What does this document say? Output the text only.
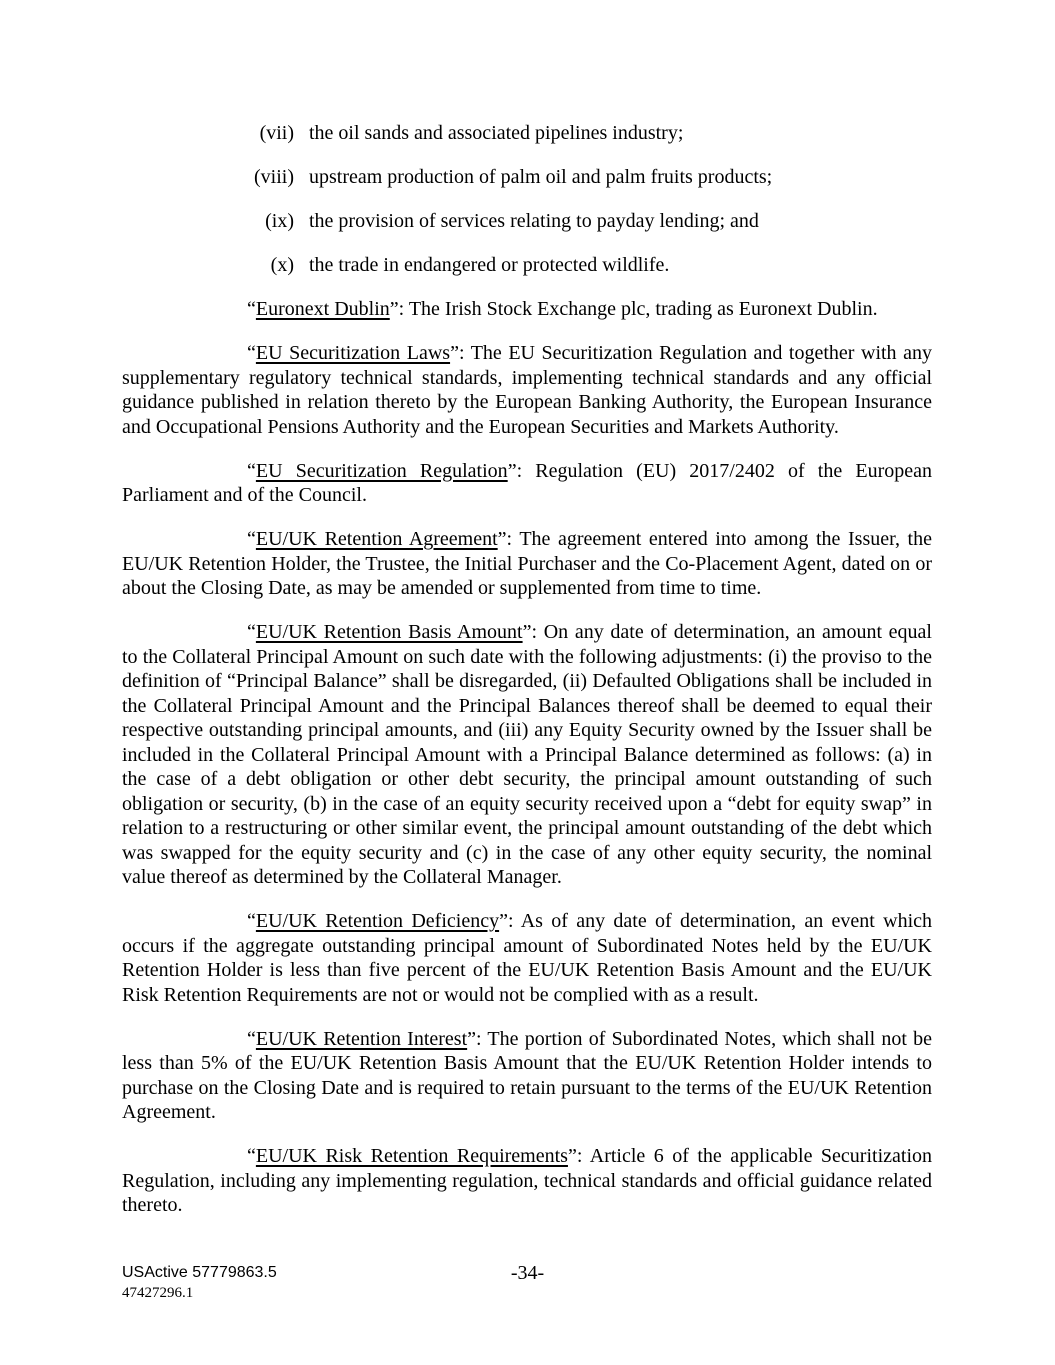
(vii) the oil sands and associated pipelines industry;
(viii) upstream production of palm oil and palm fruits products;
(ix) the provision of services relating to payday lending; and
(x) the trade in endangered or protected wildlife.

“Euronext Dublin”: The Irish Stock Exchange plc, trading as Euronext Dublin.

“EU Securitization Laws”: The EU Securitization Regulation and together with any supplementary regulatory technical standards, implementing technical standards and any official guidance published in relation thereto by the European Banking Authority, the European Insurance and Occupational Pensions Authority and the European Securities and Markets Authority.

“EU Securitization Regulation”: Regulation (EU) 2017/2402 of the European Parliament and of the Council.

“EU/UK Retention Agreement”: The agreement entered into among the Issuer, the EU/UK Retention Holder, the Trustee, the Initial Purchaser and the Co-Placement Agent, dated on or about the Closing Date, as may be amended or supplemented from time to time.

“EU/UK Retention Basis Amount”: On any date of determination, an amount equal to the Collateral Principal Amount on such date with the following adjustments: (i) the proviso to the definition of “Principal Balance” shall be disregarded, (ii) Defaulted Obligations shall be included in the Collateral Principal Amount and the Principal Balances thereof shall be deemed to equal their respective outstanding principal amounts, and (iii) any Equity Security owned by the Issuer shall be included in the Collateral Principal Amount with a Principal Balance determined as follows: (a) in the case of a debt obligation or other debt security, the principal amount outstanding of such obligation or security, (b) in the case of an equity security received upon a “debt for equity swap” in relation to a restructuring or other similar event, the principal amount outstanding of the debt which was swapped for the equity security and (c) in the case of any other equity security, the nominal value thereof as determined by the Collateral Manager.

“EU/UK Retention Deficiency”: As of any date of determination, an event which occurs if the aggregate outstanding principal amount of Subordinated Notes held by the EU/UK Retention Holder is less than five percent of the EU/UK Retention Basis Amount and the EU/UK Risk Retention Requirements are not or would not be complied with as a result.

“EU/UK Retention Interest”: The portion of Subordinated Notes, which shall not be less than 5% of the EU/UK Retention Basis Amount that the EU/UK Retention Holder intends to purchase on the Closing Date and is required to retain pursuant to the terms of the EU/UK Retention Agreement.

“EU/UK Risk Retention Requirements”: Article 6 of the applicable Securitization Regulation, including any implementing regulation, technical standards and official guidance related thereto.

USActive 57779863.5
47427296.1
-34-
